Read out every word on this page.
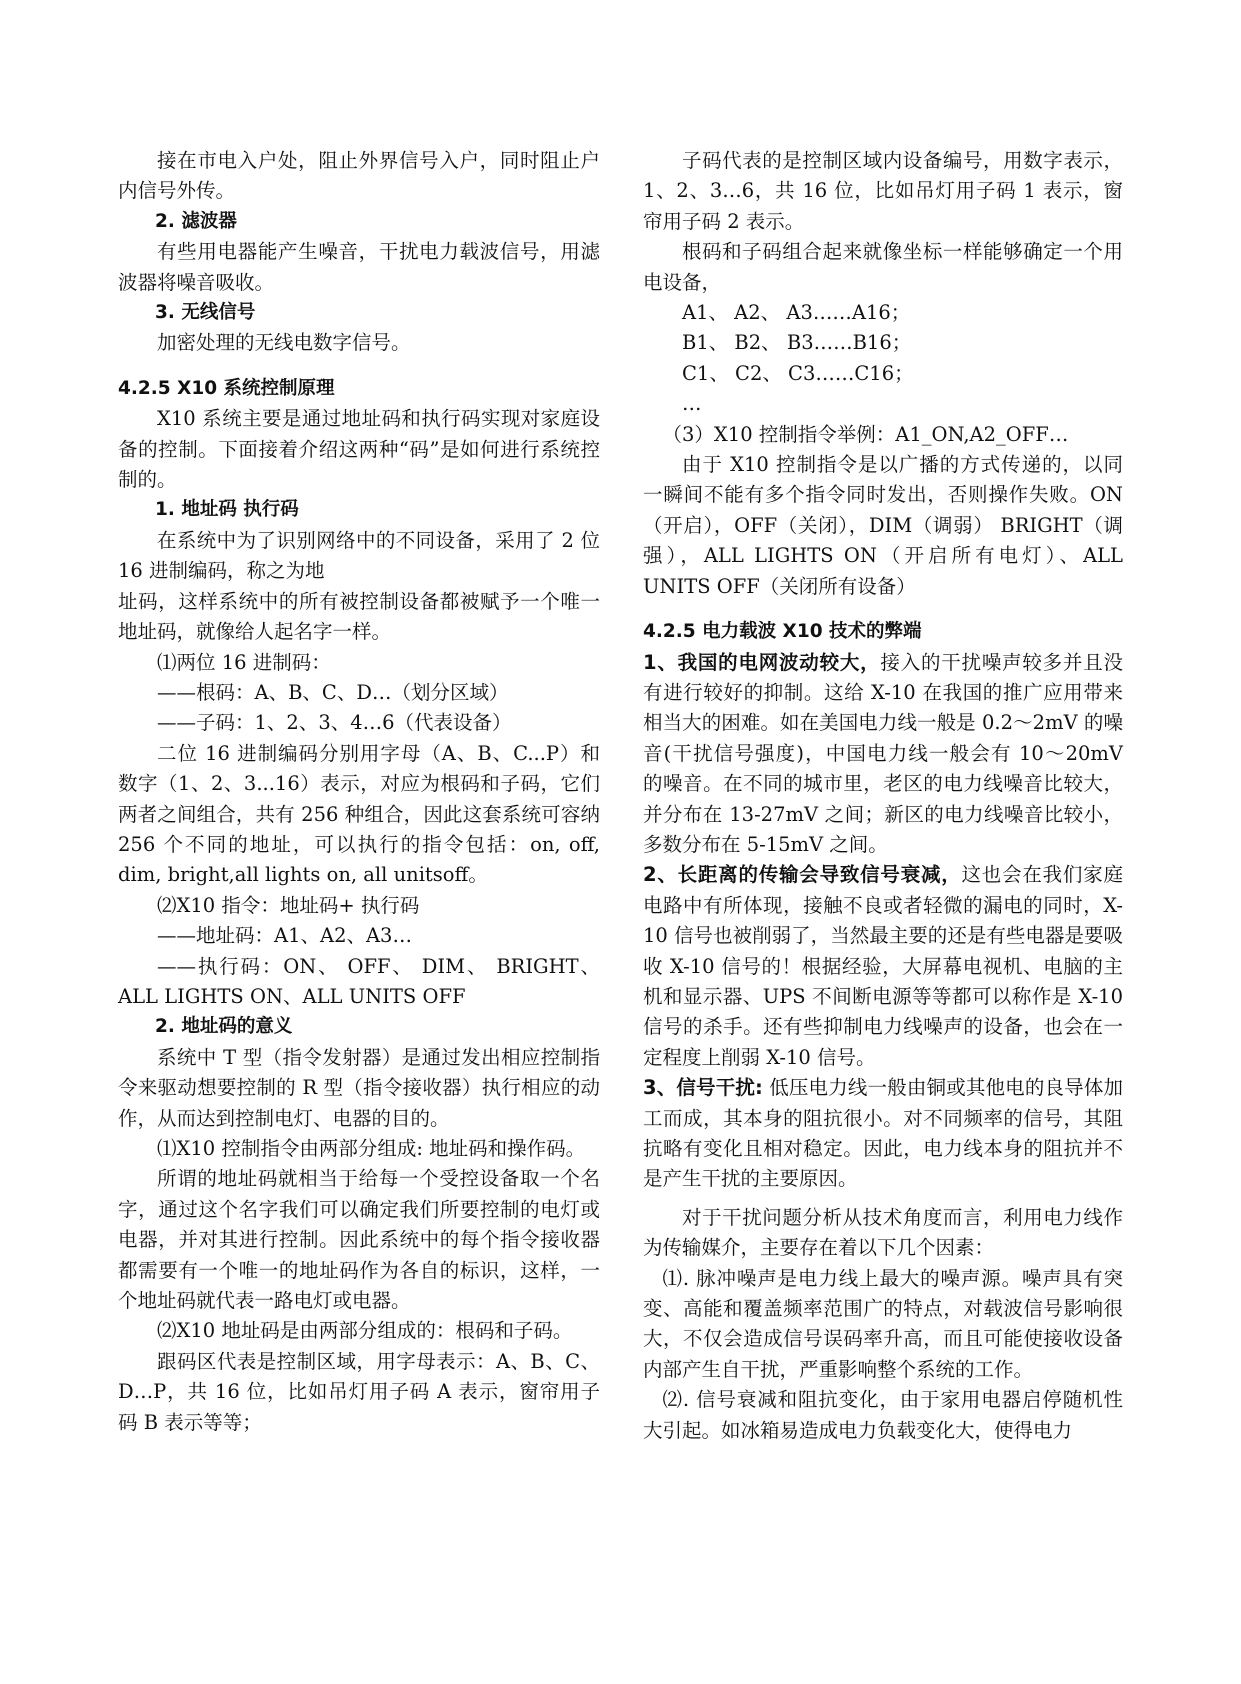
接在市电入户处，阻止外界信号入户，同时阻止户内信号外传。

2. 滤波器

有些用电器能产生噪音，干扰电力载波信号，用滤波器将噪音吸收。

3. 无线信号

加密处理的无线电数字信号。

4.2.5 X10 系统控制原理

X10 系统主要是通过地址码和执行码实现对家庭设备的控制。下面接着介绍这两种“码”是如何进行系统控制的。

1. 地址码 执行码

在系统中为了识别网络中的不同设备，采用了 2 位 16 进制编码，称之为地

址码，这样系统中的所有被控制设备都被赋予一个唯一地址码，就像给人起名字一样。

⑴两位 16 进制码：

——根码：A、B、C、D…（划分区域）

——子码：1、2、3、4…6（代表设备）

二位 16 进制编码分别用字母（A、B、C...P）和数字（1、2、3...16）表示，对应为根码和子码，它们两者之间组合，共有 256 种组合，因此这套系统可容纳 256 个不同的地址，可以执行的指令包括：on, off, dim, bright,all lights on, all unitsoff。

⑵X10 指令：地址码+ 执行码

——地址码：A1、A2、A3…

——执行码：ON、 OFF、 DIM、 BRIGHT、ALL LIGHTS ON、ALL UNITS OFF

2. 地址码的意义

系统中 T 型（指令发射器）是通过发出相应控制指令来驱动想要控制的 R 型（指令接收器）执行相应的动作，从而达到控制电灯、电器的目的。

⑴X10 控制指令由两部分组成: 地址码和操作码。

所谓的地址码就相当于给每一个受控设备取一个名字，通过这个名字我们可以确定我们所要控制的电灯或电器，并对其进行控制。因此系统中的每个指令接收器都需要有一个唯一的地址码作为各自的标识，这样，一个地址码就代表一路电灯或电器。

⑵X10 地址码是由两部分组成的：根码和子码。

跟码区代表是控制区域，用字母表示：A、B、C、D…P，共 16 位，比如吊灯用子码 A 表示，窗帘用子码 B 表示等等；

子码代表的是控制区域内设备编号，用数字表示，1、2、3…6，共 16 位，比如吊灯用子码 1 表示，窗帘用子码 2 表示。

根码和子码组合起来就像坐标一样能够确定一个用电设备，

A1、 A2、 A3……A16；

B1、 B2、 B3……B16；

C1、 C2、 C3……C16；

…

（3）X10 控制指令举例：A1_ON,A2_OFF…

由于 X10 控制指令是以广播的方式传递的，以同一瞬间不能有多个指令同时发出，否则操作失败。ON（开启），OFF（关闭），DIM（调弱） BRIGHT（调强），ALL LIGHTS ON（开启所有电灯）、ALL UNITS OFF（关闭所有设备）

4.2.5 电力载波 X10 技术的弊端

1、我国的电网波动较大，接入的干扰噪声较多并且没有进行较好的抑制。这给 X-10 在我国的推广应用带来相当大的困难。如在美国电力线一般是 0.2～2mV 的噪音(干扰信号强度)，中国电力线一般会有 10～20mV 的噪音。在不同的城市里，老区的电力线噪音比较大，并分布在 13-27mV 之间；新区的电力线噪音比较小，多数分布在 5-15mV 之间。

2、长距离的传输会导致信号衰减，这也会在我们家庭电路中有所体现，接触不良或者轻微的漏电的同时，X-10 信号也被削弱了，当然最主要的还是有些电器是要吸收 X-10 信号的！根据经验，大屏幕电视机、电脑的主机和显示器、UPS 不间断电源等等都可以称作是 X-10 信号的杀手。还有些抑制电力线噪声的设备，也会在一定程度上削弱 X-10 信号。

3、信号干扰: 低压电力线一般由铜或其他电的良导体加工而成，其本身的阻抗很小。对不同频率的信号，其阻抗略有变化且相对稳定。因此，电力线本身的阻抗并不是产生干扰的主要原因。

对于干扰问题分析从技术角度而言，利用电力线作为传输媒介，主要存在着以下几个因素：

⑴. 脉冲噪声是电力线上最大的噪声源。噪声具有突变、高能和覆盖频率范围广的特点，对载波信号影响很大，不仅会造成信号误码率升高，而且可能使接收设备内部产生自干扰，严重影响整个系统的工作。

⑵. 信号衰减和阻抗变化，由于家用电器启停随机性大引起。如冰箱易造成电力负载变化大，使得电力
